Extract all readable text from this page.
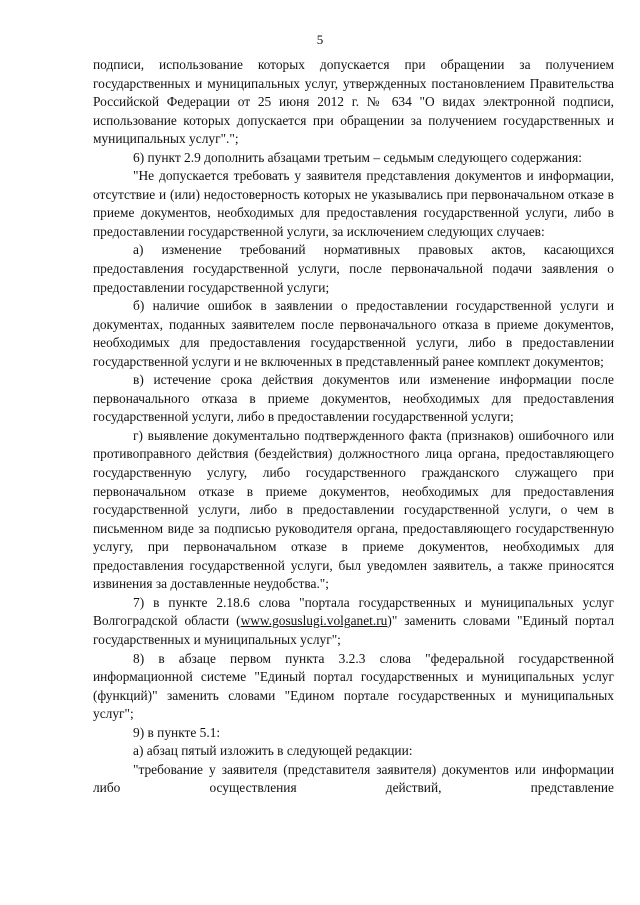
5

подписи, использование которых допускается при обращении за получением государственных и муниципальных услуг, утвержденных постановлением Правительства Российской Федерации от 25 июня 2012 г. № 634 "О видах электронной подписи, использование которых допускается при обращении за получением государственных и муниципальных услуг".";

6) пункт 2.9 дополнить абзацами третьим – седьмым следующего содержания:

"Не допускается требовать у заявителя представления документов и информации, отсутствие и (или) недостоверность которых не указывались при первоначальном отказе в приеме документов, необходимых для предоставления государственной услуги, либо в предоставлении государственной услуги, за исключением следующих случаев:

а) изменение требований нормативных правовых актов, касающихся предоставления государственной услуги, после первоначальной подачи заявления о предоставлении государственной услуги;

б) наличие ошибок в заявлении о предоставлении государственной услуги и документах, поданных заявителем после первоначального отказа в приеме документов, необходимых для предоставления государственной услуги, либо в предоставлении государственной услуги и не включенных в представленный ранее комплект документов;

в) истечение срока действия документов или изменение информации после первоначального отказа в приеме документов, необходимых для предоставления государственной услуги, либо в предоставлении государственной услуги;

г) выявление документально подтвержденного факта (признаков) ошибочного или противоправного действия (бездействия) должностного лица органа, предоставляющего государственную услугу, либо государственного гражданского служащего при первоначальном отказе в приеме документов, необходимых для предоставления государственной услуги, либо в предоставлении государственной услуги, о чем в письменном виде за подписью руководителя органа, предоставляющего государственную услугу, при первоначальном отказе в приеме документов, необходимых для предоставления государственной услуги, был уведомлен заявитель, а также приносятся извинения за доставленные неудобства.";

7) в пункте 2.18.6 слова "портала государственных и муниципальных услуг Волгоградской области (www.gosuslugi.volganet.ru)" заменить словами "Единый портал государственных и муниципальных услуг";

8) в абзаце первом пункта 3.2.3 слова "федеральной государственной информационной системе "Единый портал государственных и муниципальных услуг (функций)" заменить словами "Едином портале государственных и муниципальных услуг";

9) в пункте 5.1:

а) абзац пятый изложить в следующей редакции:

"требование у заявителя (представителя заявителя) документов или информации либо осуществления действий, представление
